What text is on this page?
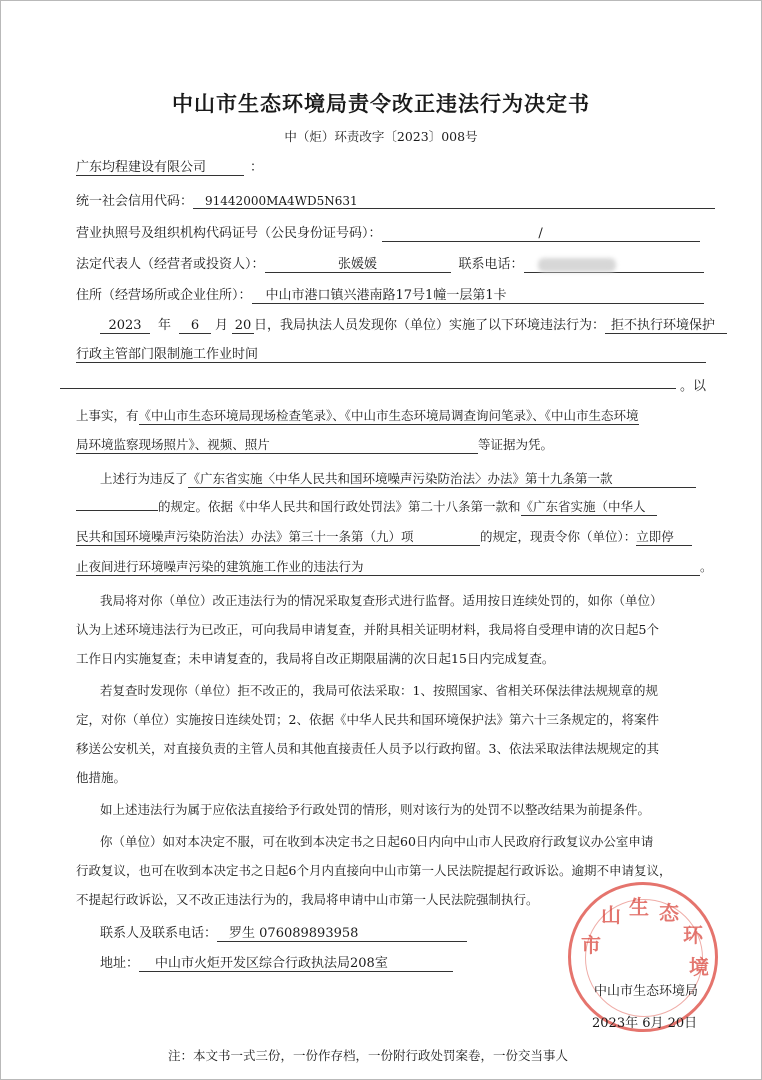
中山市生态环境局责令改正违法行为决定书
中（炬）环责改字〔2023〕008号
广东均程建设有限公司	：
统一社会信用代码： 91442000MA4WD5N631
营业执照号及组织机构代码证号（公民身份证号码）：	/
法定代表人（经营者或投资人）：	张媛媛	联系电话：
住所（经营场所或企业住所）： 中山市港口镇兴港南路17号1幢一层第1卡
2023 年 6 月 20 日，我局执法人员发现你（单位）实施了以下环境违法行为： 拒不执行环境保护
行政主管部门限制施工作业时间
。以
上事实，有《中山市生态环境局现场检查笔录》、《中山市生态环境局调查询问笔录》、《中山市生态环境
局环境监察现场照片》、视频、照片	等证据为凭。
上述行为违反了《广东省实施〈中华人民共和国环境噪声污染防治法〉办法》第十九条第一款
的规定。依据《中华人民共和国行政处罚法》第二十八条第一款和《广东省实施（中华人
民共和国环境噪声污染防治法）办法》第三十一条第（九）项	的规定，现责令你（单位）：立即停
止夜间进行环境噪声污染的建筑施工作业的违法行为	。
我局将对你（单位）改正违法行为的情况采取复查形式进行监督。适用按日连续处罚的，如你（单位）
认为上述环境违法行为已改正，可向我局申请复查，并附具相关证明材料，我局将自受理申请的次日起5个
工作日内实施复查；未申请复查的，我局将自改正期限届满的次日起15日内完成复查。
若复查时发现你（单位）拒不改正的，我局可依法采取：1、按照国家、省相关环保法律法规规章的规
定，对你（单位）实施按日连续处罚；2、依据《中华人民共和国环境保护法》第六十三条规定的，将案件
移送公安机关，对直接负责的主管人员和其他直接责任人员予以行政拘留。3、依法采取法律法规规定的其
他措施。
如上述违法行为属于应依法直接给予行政处罚的情形，则对该行为的处罚不以整改结果为前提条件。
你（单位）如对本决定不服，可在收到本决定书之日起60日内向中山市人民政府行政复议办公室申请
行政复议，也可在收到本决定书之日起6个月内直接向中山市第一人民法院提起行政诉讼。逾期不申请复议，
不提起行政诉讼，又不改正违法行为的，我局将申请中山市第一人民法院强制执行。
联系人及联系电话： 罗生 076089893958
地址： 中山市火炬开发区综合行政执法局208室
山 生 态
环
市
境
中山市生态环境局
2023年 6月 20日
注：本文书一式三份，一份作存档，一份附行政处罚案卷，一份交当事人
